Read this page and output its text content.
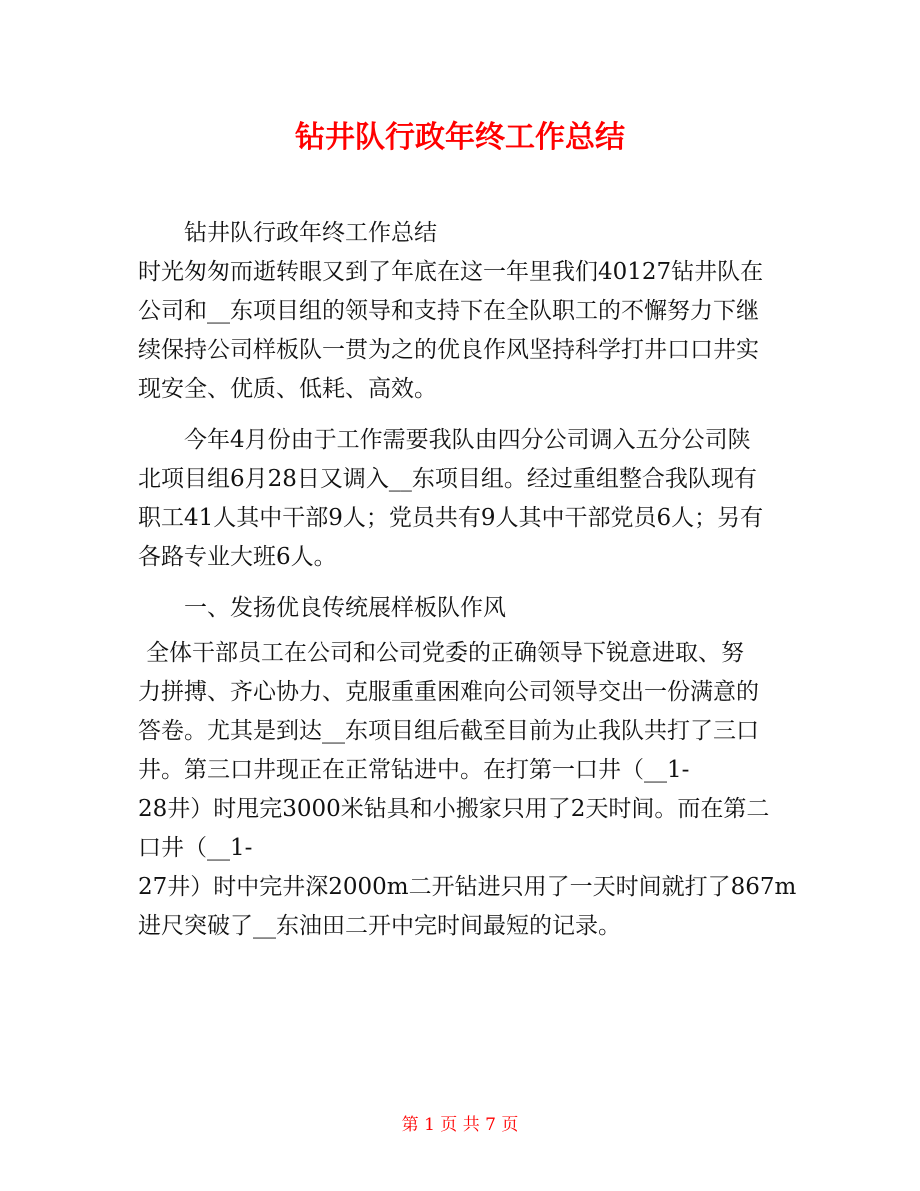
钻井队行政年终工作总结
钻井队行政年终工作总结
时光匆匆而逝转眼又到了年底在这一年里我们40127钻井队在
公司和__东项目组的领导和支持下在全队职工的不懈努力下继
续保持公司样板队一贯为之的优良作风坚持科学打井口口井实
现安全、优质、低耗、高效。
今年4月份由于工作需要我队由四分公司调入五分公司陕
北项目组6月28日又调入__东项目组。经过重组整合我队现有
职工41人其中干部9人；党员共有9人其中干部党员6人；另有
各路专业大班6人。
一、发扬优良传统展样板队作风
全体干部员工在公司和公司党委的正确领导下锐意进取、努
力拼搏、齐心协力、克服重重困难向公司领导交出一份满意的
答卷。尤其是到达__东项目组后截至目前为止我队共打了三口
井。第三口井现正在正常钻进中。在打第一口井（__1-
28井）时甩完3000米钻具和小搬家只用了2天时间。而在第二
口井（__1-
27井）时中完井深2000m二开钻进只用了一天时间就打了867m
进尺突破了__东油田二开中完时间最短的记录。
第 1 页 共 7 页
